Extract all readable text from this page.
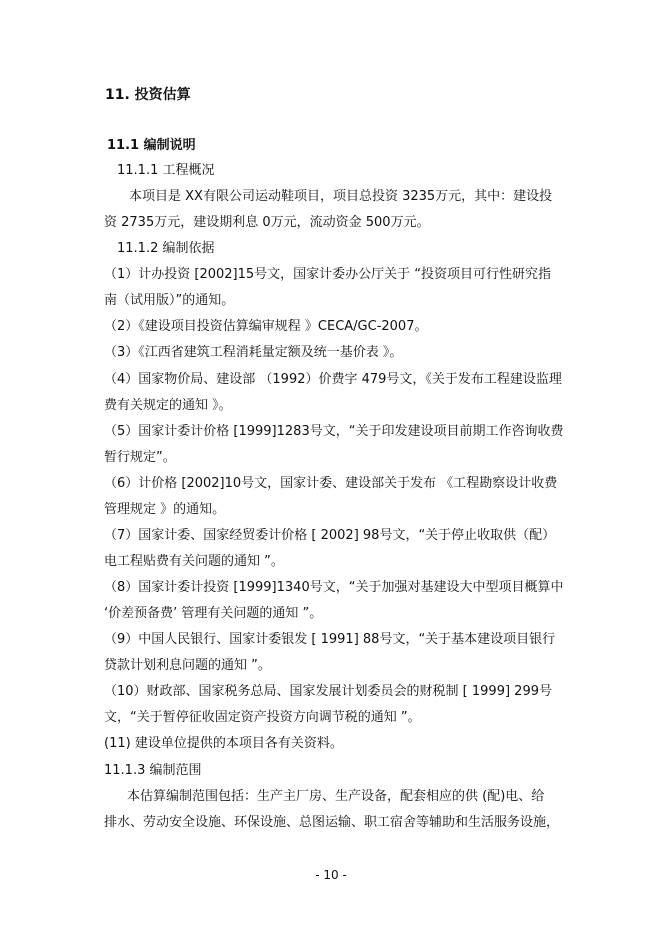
11. 投资估算
11.1 编制说明
11.1.1 工程概况
本项目是 XX有限公司运动鞋项目，项目总投资 3235万元，其中：建设投
资 2735万元，建设期利息 0万元，流动资金 500万元。
11.1.2 编制依据
（1）计办投资 [2002]15号文，国家计委办公厅关于 “投资项目可行性研究指
南（试用版）”的通知。
（2）《建设项目投资估算编审规程 》CECA/GC-2007。
（3）《江西省建筑工程消耗量定额及统一基价表 》。
（4）国家物价局、建设部 （1992）价费字 479号文，《关于发布工程建设监理
费有关规定的通知 》。
（5）国家计委计价格 [1999]1283号文，“关于印发建设项目前期工作咨询收费
暂行规定”。
（6）计价格 [2002]10号文，国家计委、建设部关于发布 《工程勘察设计收费
管理规定 》的通知。
（7）国家计委、国家经贸委计价格 [ 2002] 98号文，“关于停止收取供（配）
电工程贴费有关问题的通知 ”。
（8）国家计委计投资 [1999]1340号文，“关于加强对基建设大中型项目概算中
‘价差预备费’ 管理有关问题的通知 ”。
（9）中国人民银行、国家计委银发 [ 1991] 88号文，“关于基本建设项目银行
贷款计划利息问题的通知 ”。
（10）财政部、国家税务总局、国家发展计划委员会的财税制 [ 1999] 299号
文，“关于暂停征收固定资产投资方向调节税的通知 ”。
(11) 建设单位提供的本项目各有关资料。
11.1.3 编制范围
本估算编制范围包括：生产主厂房、生产设备，配套相应的供 (配)电、给
排水、劳动安全设施、环保设施、总图运输、职工宿舍等辅助和生活服务设施，
- 10 -
